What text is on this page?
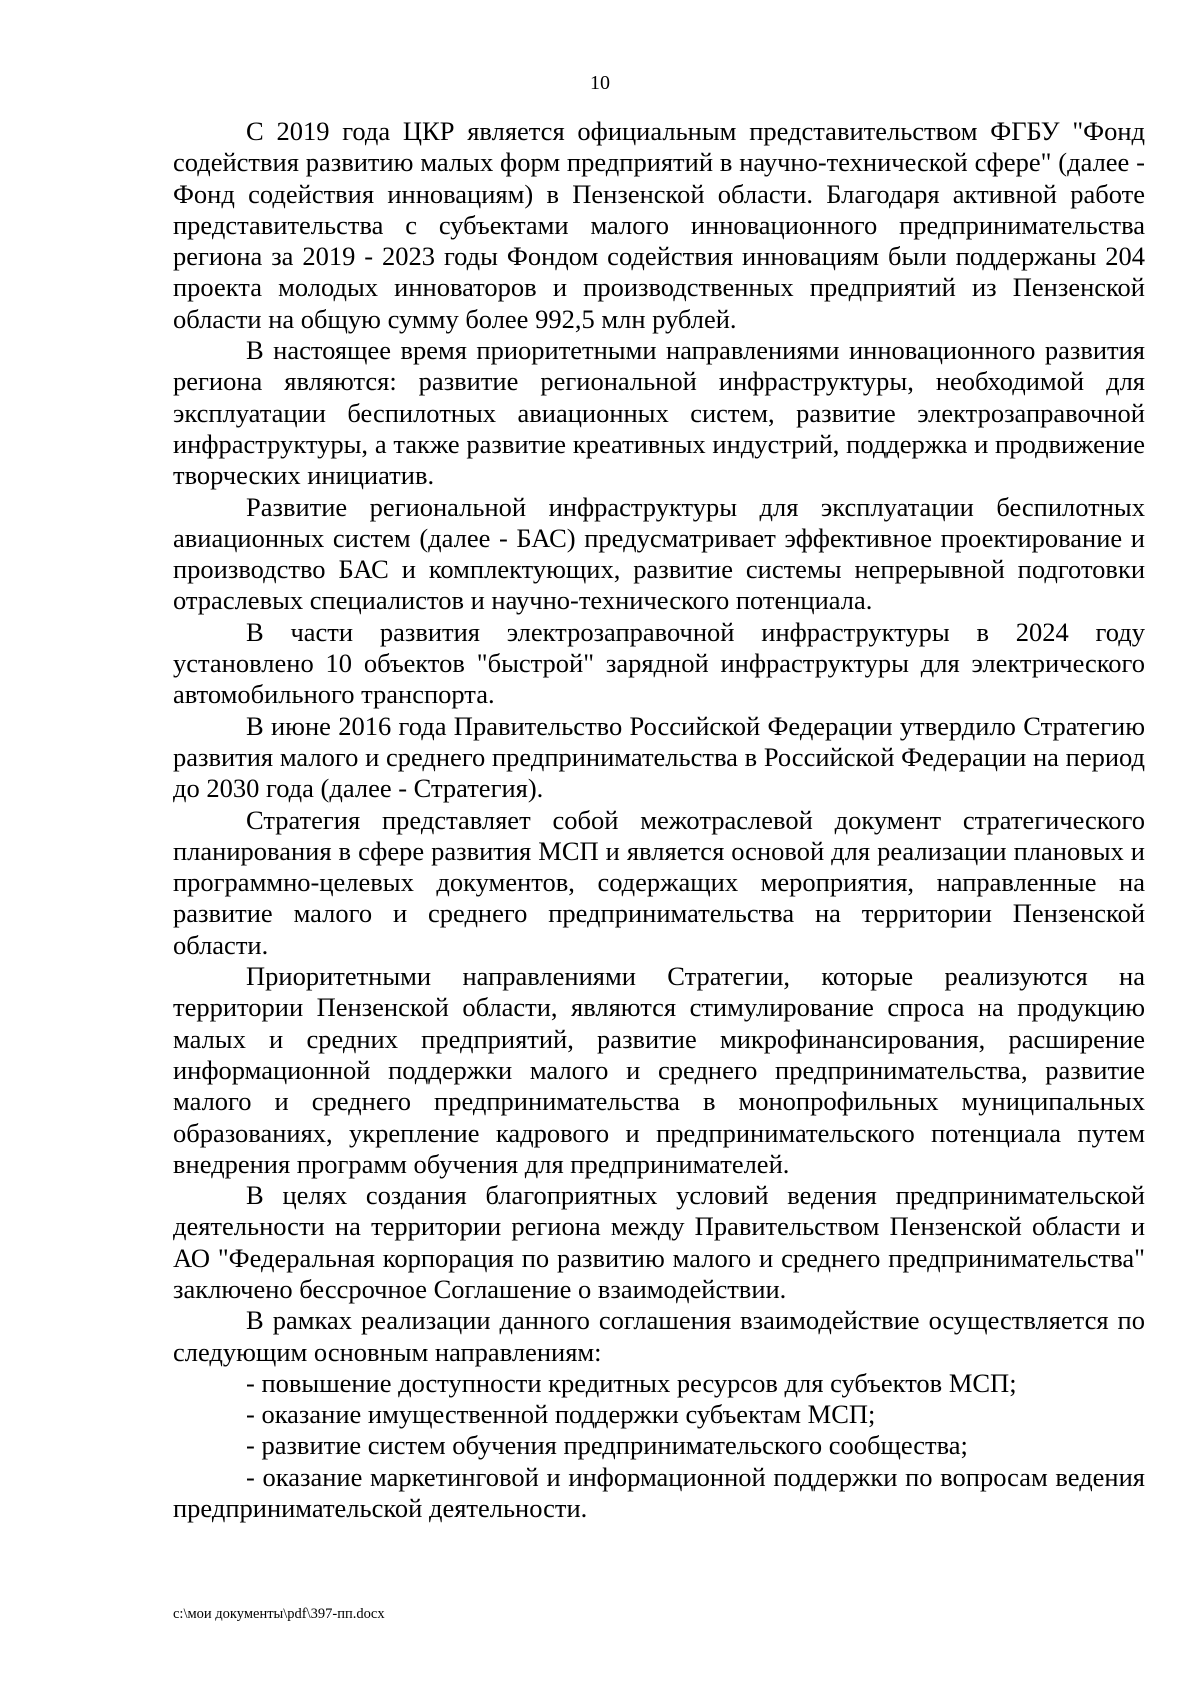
10

С 2019 года ЦКР является официальным представительством ФГБУ "Фонд содействия развитию малых форм предприятий в научно-технической сфере" (далее - Фонд содействия инновациям) в Пензенской области. Благодаря активной работе представительства с субъектами малого инновационного предпринимательства региона за 2019 - 2023 годы Фондом содействия инновациям были поддержаны 204 проекта молодых инноваторов и производственных предприятий из Пензенской области на общую сумму более 992,5 млн рублей.

В настоящее время приоритетными направлениями инновационного развития региона являются: развитие региональной инфраструктуры, необходимой для эксплуатации беспилотных авиационных систем, развитие электрозаправочной инфраструктуры, а также развитие креативных индустрий, поддержка и продвижение творческих инициатив.

Развитие региональной инфраструктуры для эксплуатации беспилотных авиационных систем (далее - БАС) предусматривает эффективное проектирование и производство БАС и комплектующих, развитие системы непрерывной подготовки отраслевых специалистов и научно-технического потенциала.

В части развития электрозаправочной инфраструктуры в 2024 году установлено 10 объектов "быстрой" зарядной инфраструктуры для электрического автомобильного транспорта.

В июне 2016 года Правительство Российской Федерации утвердило Стратегию развития малого и среднего предпринимательства в Российской Федерации на период до 2030 года (далее - Стратегия).

Стратегия представляет собой межотраслевой документ стратегического планирования в сфере развития МСП и является основой для реализации плановых и программно-целевых документов, содержащих мероприятия, направленные на развитие малого и среднего предпринимательства на территории Пензенской области.

Приоритетными направлениями Стратегии, которые реализуются на территории Пензенской области, являются стимулирование спроса на продукцию малых и средних предприятий, развитие микрофинансирования, расширение информационной поддержки малого и среднего предпринимательства, развитие малого и среднего предпринимательства в монопрофильных муниципальных образованиях, укрепление кадрового и предпринимательского потенциала путем внедрения программ обучения для предпринимателей.

В целях создания благоприятных условий ведения предпринимательской деятельности на территории региона между Правительством Пензенской области и АО "Федеральная корпорация по развитию малого и среднего предпринимательства" заключено бессрочное Соглашение о взаимодействии.

В рамках реализации данного соглашения взаимодействие осуществляется по следующим основным направлениям:

- повышение доступности кредитных ресурсов для субъектов МСП;

- оказание имущественной поддержки субъектам МСП;

- развитие систем обучения предпринимательского сообщества;

- оказание маркетинговой и информационной поддержки по вопросам ведения предпринимательской деятельности.

c:\мои документы\pdf\397-пп.docx
